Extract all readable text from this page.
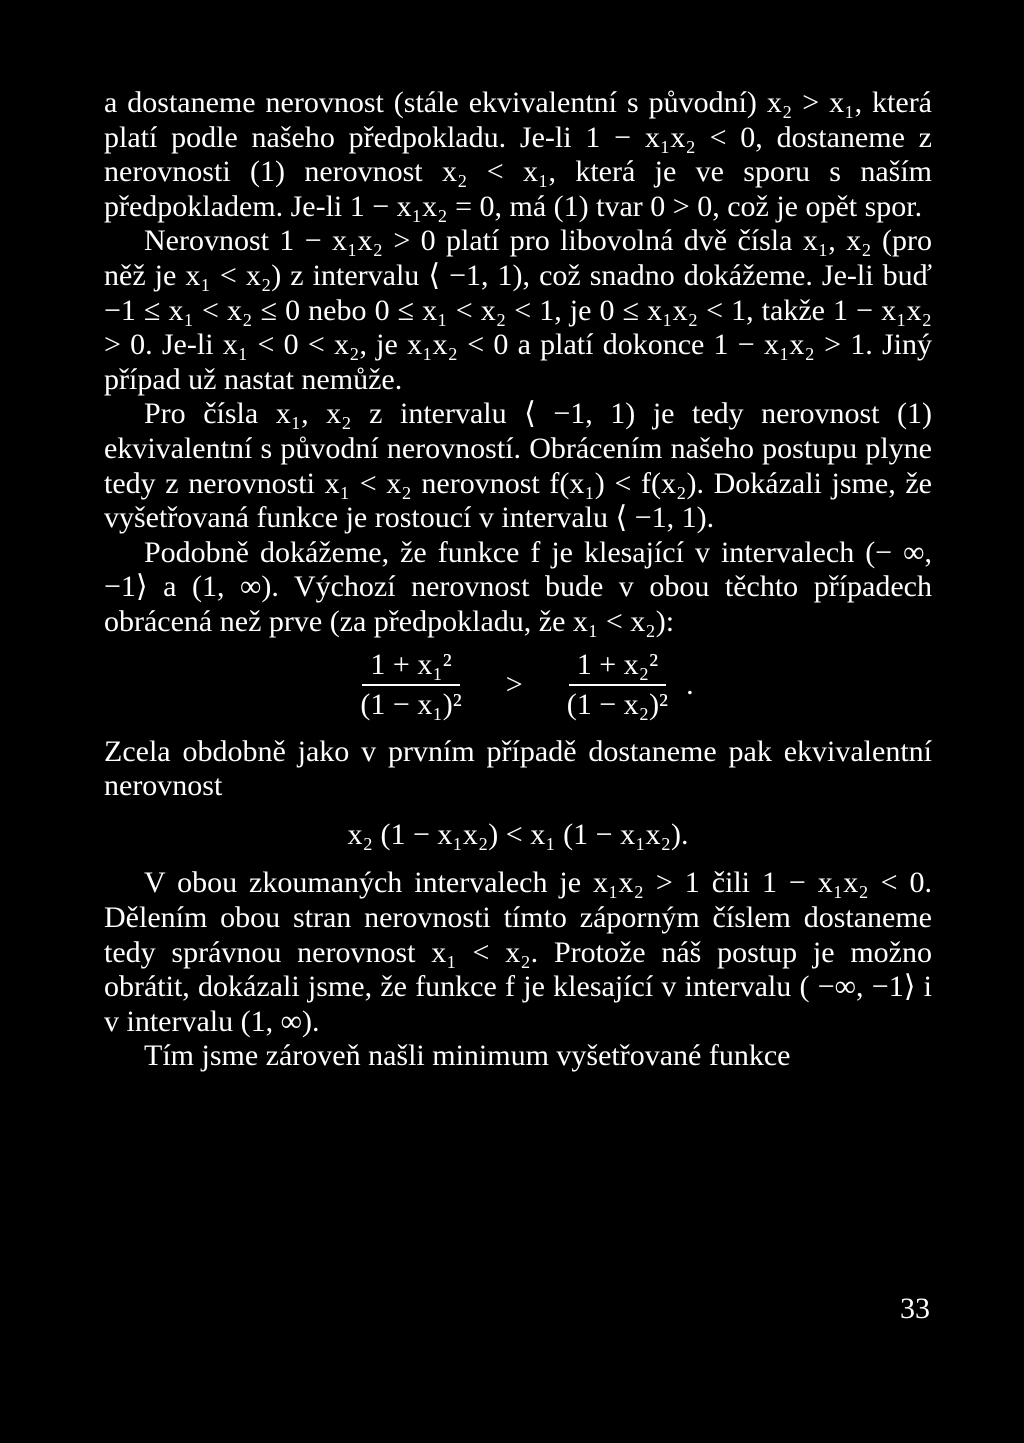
a dostaneme nerovnost (stále ekvivalentní s původní) x₂ > x₁, která platí podle našeho předpokladu. Je-li 1 − x₁x₂ < 0, dostaneme z nerovnosti (1) nerovnost x₂ < x₁, která je ve sporu s naším předpokladem. Je-li 1 − x₁x₂ = 0, má (1) tvar 0 > 0, což je opět spor.

Nerovnost 1 − x₁x₂ > 0 platí pro libovolná dvě čísla x₁, x₂ (pro něž je x₁ < x₂) z intervalu ⟨ −1, 1), což snadno dokážeme. Je-li buď −1 ≤ x₁ < x₂ ≤ 0 nebo 0 ≤ x₁ < x₂ < 1, je 0 ≤ x₁x₂ < 1, takže 1 − x₁x₂ > 0. Je-li x₁ < 0 < x₂, je x₁x₂ < 0 a platí dokonce 1 − x₁x₂ > 1. Jiný případ už nastat nemůže.

Pro čísla x₁, x₂ z intervalu ⟨ −1, 1) je tedy nerovnost (1) ekvivalentní s původní nerovností. Obrácením našeho postupu plyne tedy z nerovnosti x₁ < x₂ nerovnost f(x₁) < f(x₂). Dokázali jsme, že vyšetřovaná funkce je rostoucí v intervalu ⟨ −1, 1).

Podobně dokážeme, že funkce f je klesající v intervalech (− ∞, −1⟩ a (1, ∞). Výchozí nerovnost bude v obou těchto případech obrácená než prve (za předpokladu, že x₁ < x₂):

$\frac{\text{1 + x₁²}}{\text{(1 − x₁)²}} > \frac{\text{1 + x₂²}}{\text{(1 − x₂)²}}$ .

Zcela obdobně jako v prvním případě dostaneme pak ekvivalentní nerovnost

x₂ (1 − x₁x₂) < x₁ (1 − x₁x₂).

V obou zkoumaných intervalech je x₁x₂ > 1 čili 1 − x₁x₂ < 0. Dělením obou stran nerovnosti tímto záporným číslem dostaneme tedy správnou nerovnost x₁ < x₂. Protože náš postup je možno obrátit, dokázali jsme, že funkce f je klesající v intervalu ( −∞, −1⟩ i v intervalu (1, ∞).

Tím jsme zároveň našli minimum vyšetřované funkce

33
